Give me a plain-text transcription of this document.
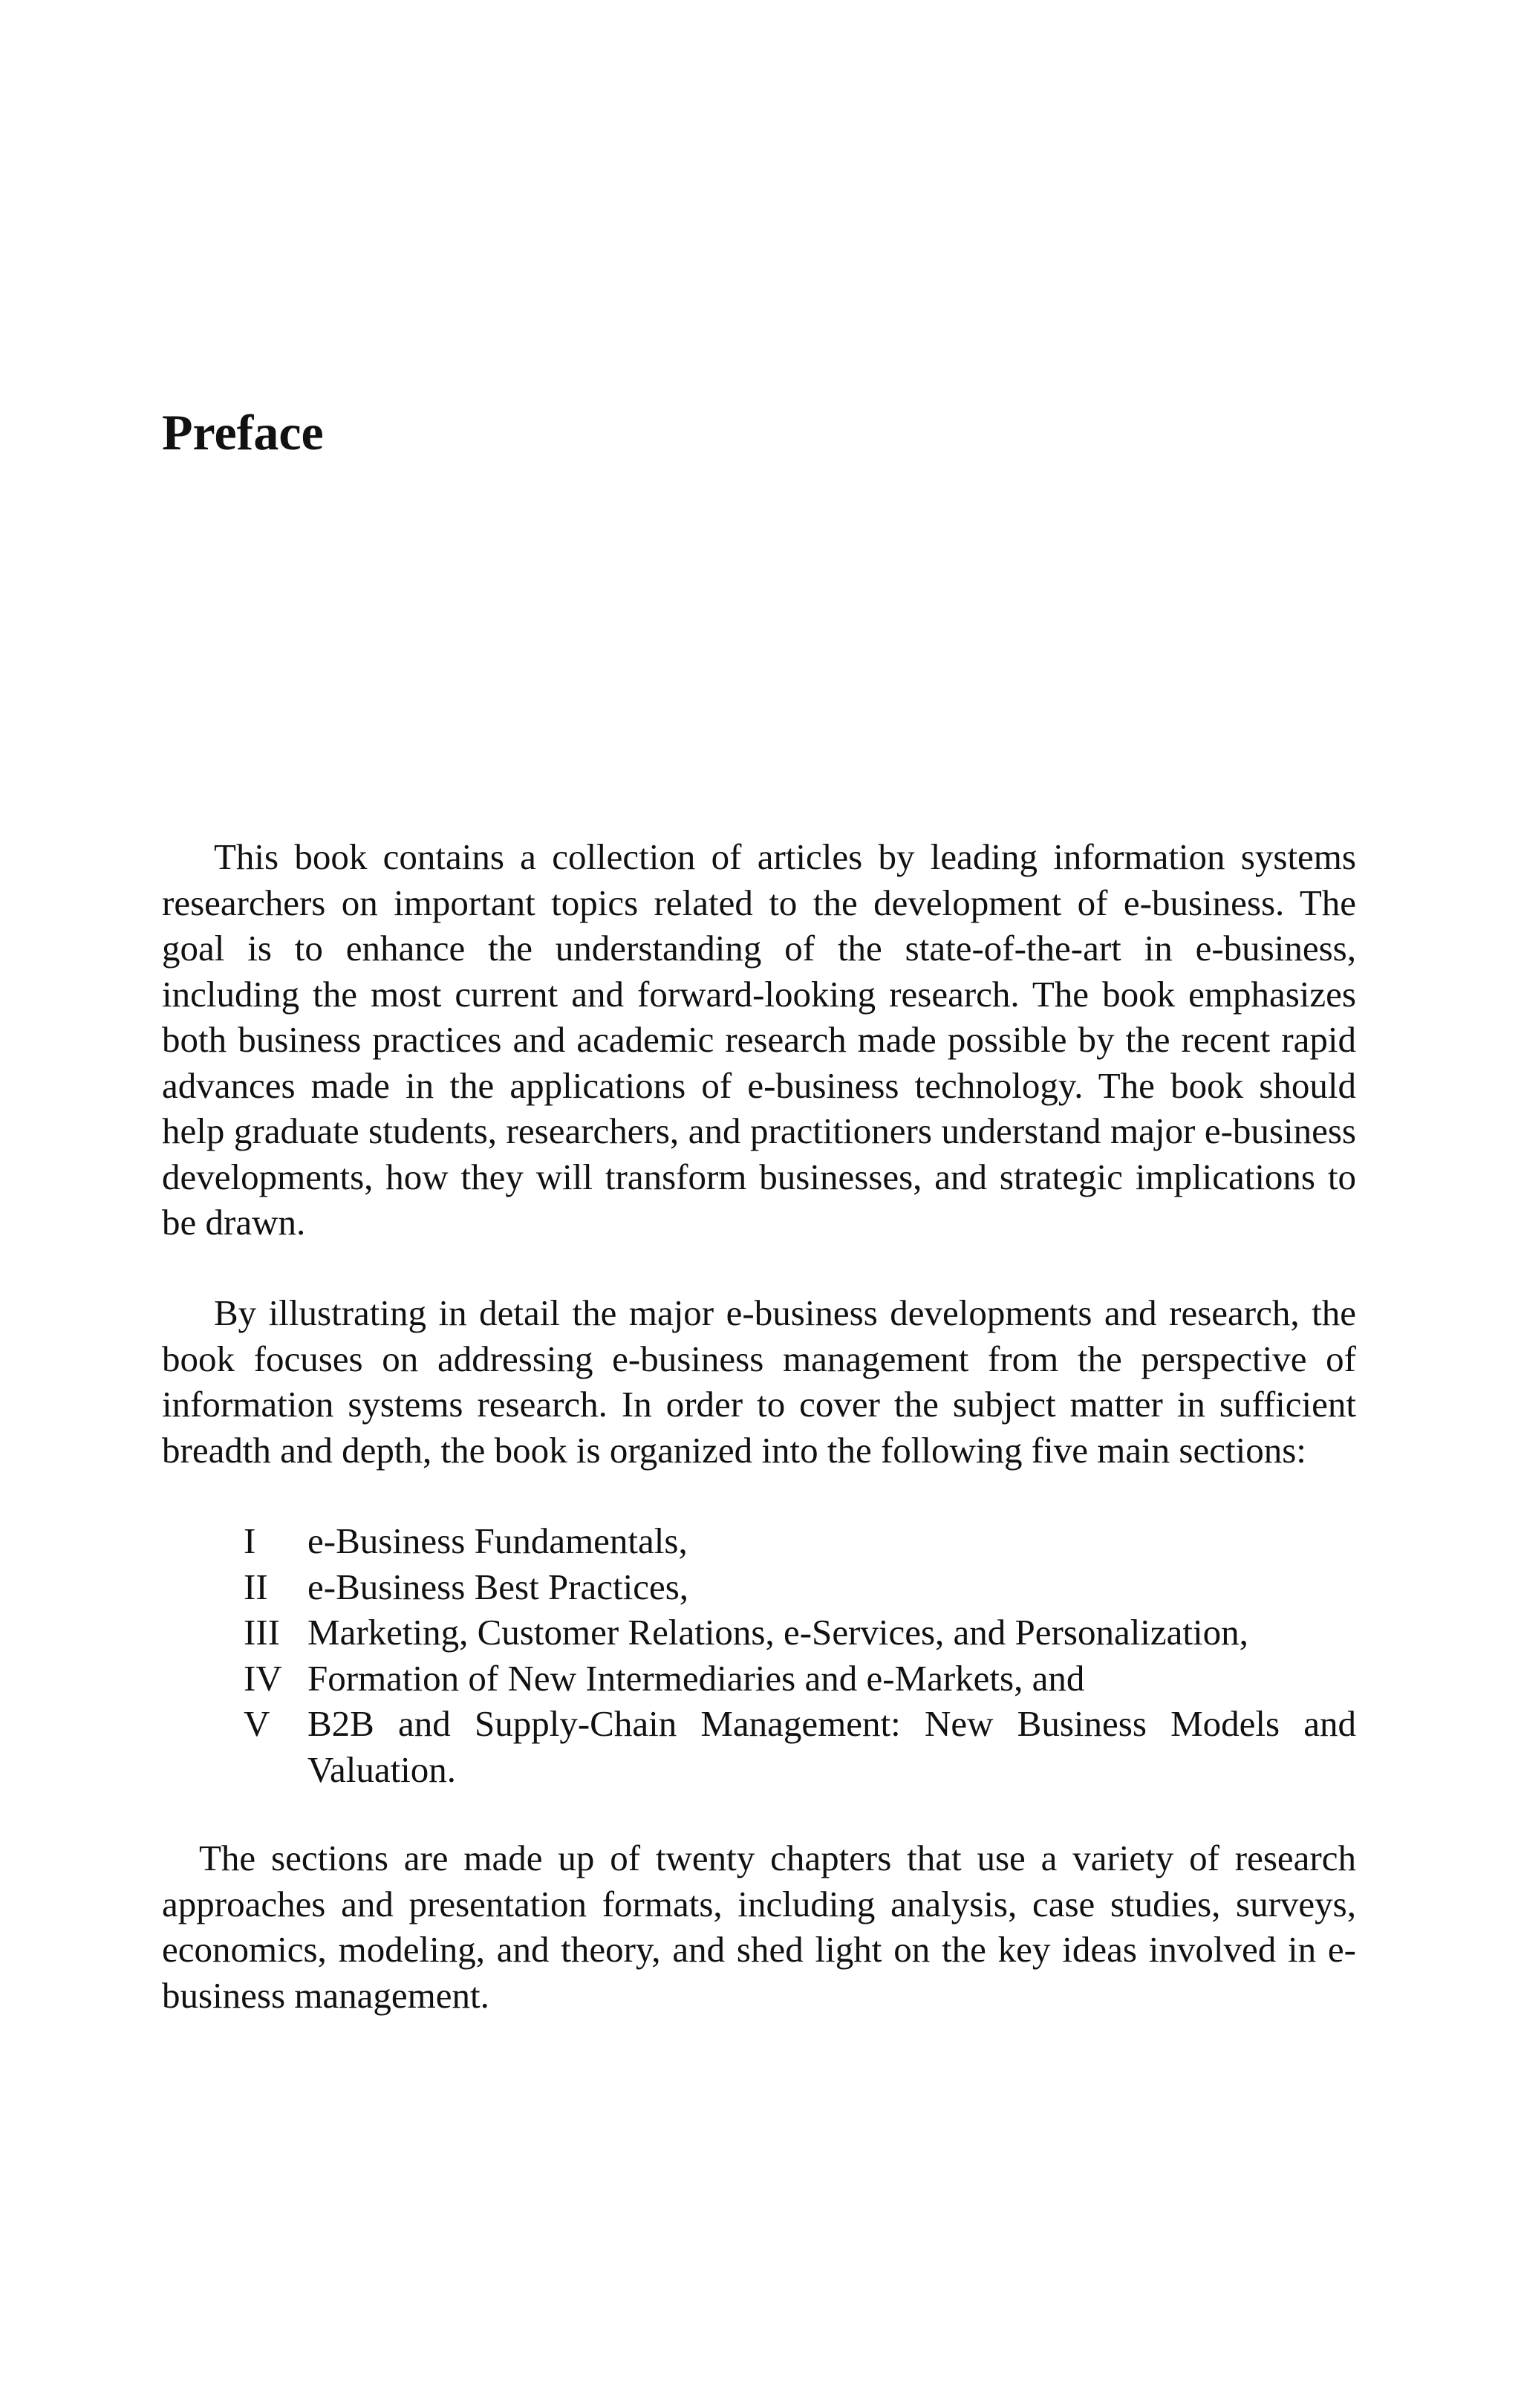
Preface

This book contains a collection of articles by leading information systems researchers on important topics related to the development of e-business. The goal is to enhance the understanding of the state-of-the-art in e-business, including the most current and forward-looking research. The book emphasizes both business practices and academic research made possible by the recent rapid advances made in the applications of e-business technology. The book should help graduate students, researchers, and practitioners understand major e-business developments, how they will transform businesses, and strategic implications to be drawn.

By illustrating in detail the major e-business developments and research, the book focuses on addressing e-business management from the perspective of information systems research. In order to cover the subject matter in sufficient breadth and depth, the book is organized into the following five main sections:

I	e-Business Fundamentals,
II	e-Business Best Practices,
III Marketing, Customer Relations, e-Services, and Personalization,
IV Formation of New Intermediaries and e-Markets, and
V	B2B and Supply-Chain Management: New Business Models and Valuation.

The sections are made up of twenty chapters that use a variety of research approaches and presentation formats, including analysis, case studies, surveys, economics, modeling, and theory, and shed light on the key ideas involved in e-business management.
